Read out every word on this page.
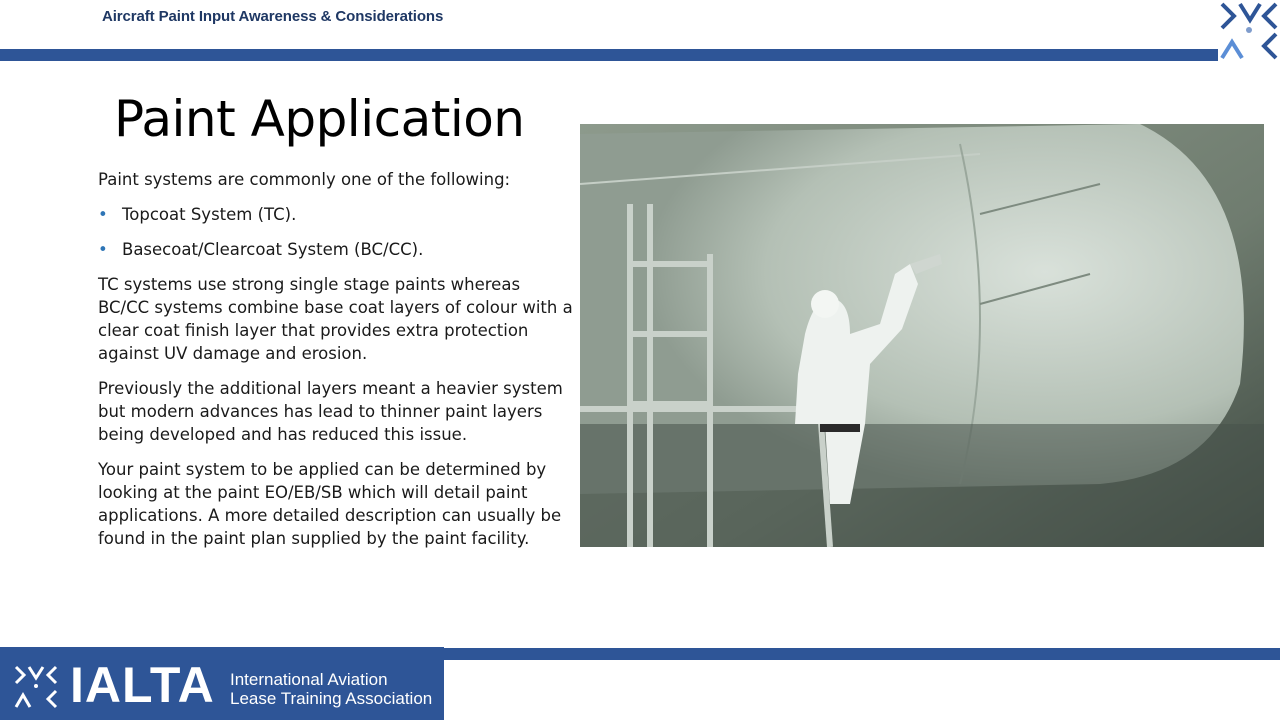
Aircraft Paint Input Awareness & Considerations
Paint Application

Paint systems are commonly one of the following:

• Topcoat System (TC).
• Basecoat/Clearcoat System (BC/CC).

TC systems use strong single stage paints whereas BC/CC systems combine base coat layers of colour with a clear coat finish layer that provides extra protection against UV damage and erosion.

Previously the additional layers meant a heavier system but modern advances has lead to thinner paint layers being developed and has reduced this issue.

Your paint system to be applied can be determined by looking at the paint EO/EB/SB which will detail paint applications. A more detailed description can usually be found in the paint plan supplied by the paint facility.

IALTA International Aviation
Lease Training Association
